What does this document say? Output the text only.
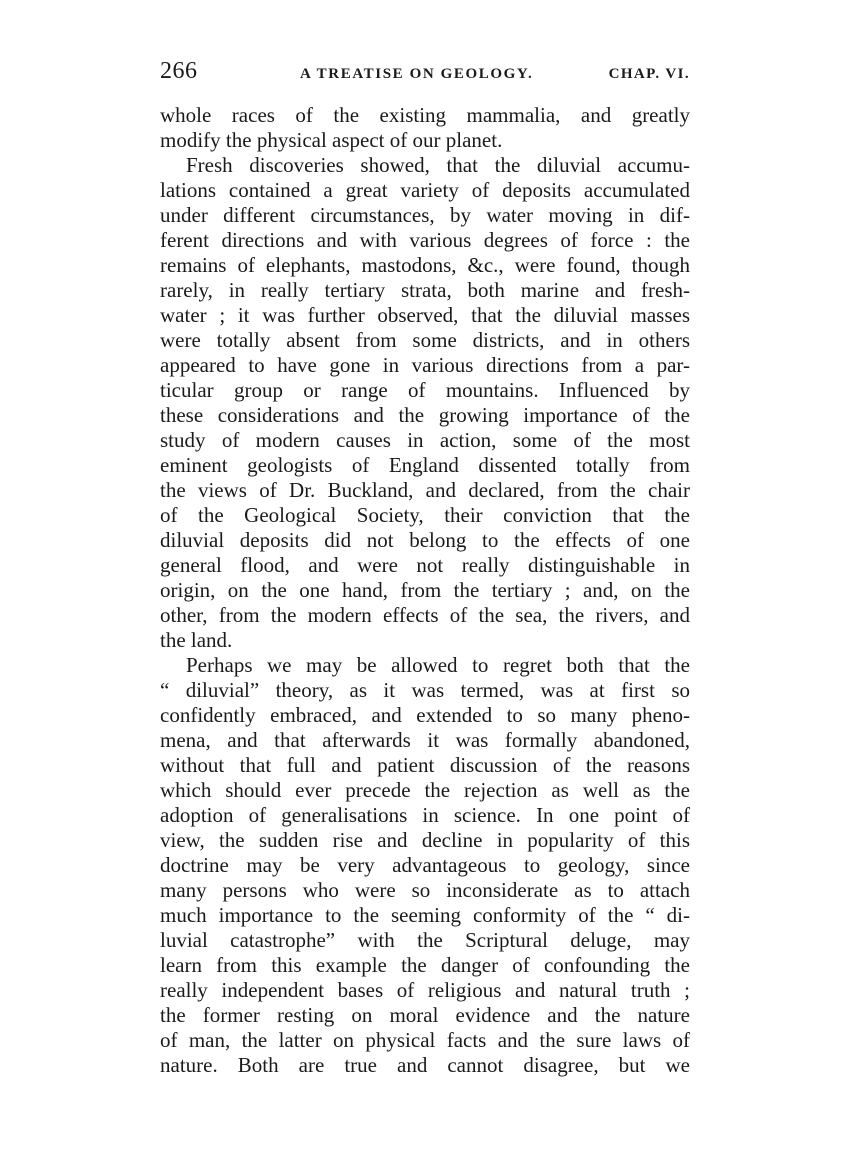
266	A TREATISE ON GEOLOGY.	CHAP. VI.
whole races of the existing mammalia, and greatly
modify the physical aspect of our planet.
Fresh discoveries showed, that the diluvial accumu-
lations contained a great variety of deposits accumulated
under different circumstances, by water moving in dif-
ferent directions and with various degrees of force : the
remains of elephants, mastodons, &c., were found, though
rarely, in really tertiary strata, both marine and fresh-
water ; it was further observed, that the diluvial masses
were totally absent from some districts, and in others
appeared to have gone in various directions from a par-
ticular group or range of mountains. Influenced by
these considerations and the growing importance of the
study of modern causes in action, some of the most
eminent geologists of England dissented totally from
the views of Dr. Buckland, and declared, from the chair
of the Geological Society, their conviction that the
diluvial deposits did not belong to the effects of one
general flood, and were not really distinguishable in
origin, on the one hand, from the tertiary ; and, on the
other, from the modern effects of the sea, the rivers, and
the land.
Perhaps we may be allowed to regret both that the
“ diluvial” theory, as it was termed, was at first so
confidently embraced, and extended to so many pheno-
mena, and that afterwards it was formally abandoned,
without that full and patient discussion of the reasons
which should ever precede the rejection as well as the
adoption of generalisations in science. In one point of
view, the sudden rise and decline in popularity of this
doctrine may be very advantageous to geology, since
many persons who were so inconsiderate as to attach
much importance to the seeming conformity of the “ di-
luvial catastrophe” with the Scriptural deluge, may
learn from this example the danger of confounding the
really independent bases of religious and natural truth ;
the former resting on moral evidence and the nature
of man, the latter on physical facts and the sure laws of
nature. Both are true and cannot disagree, but we
